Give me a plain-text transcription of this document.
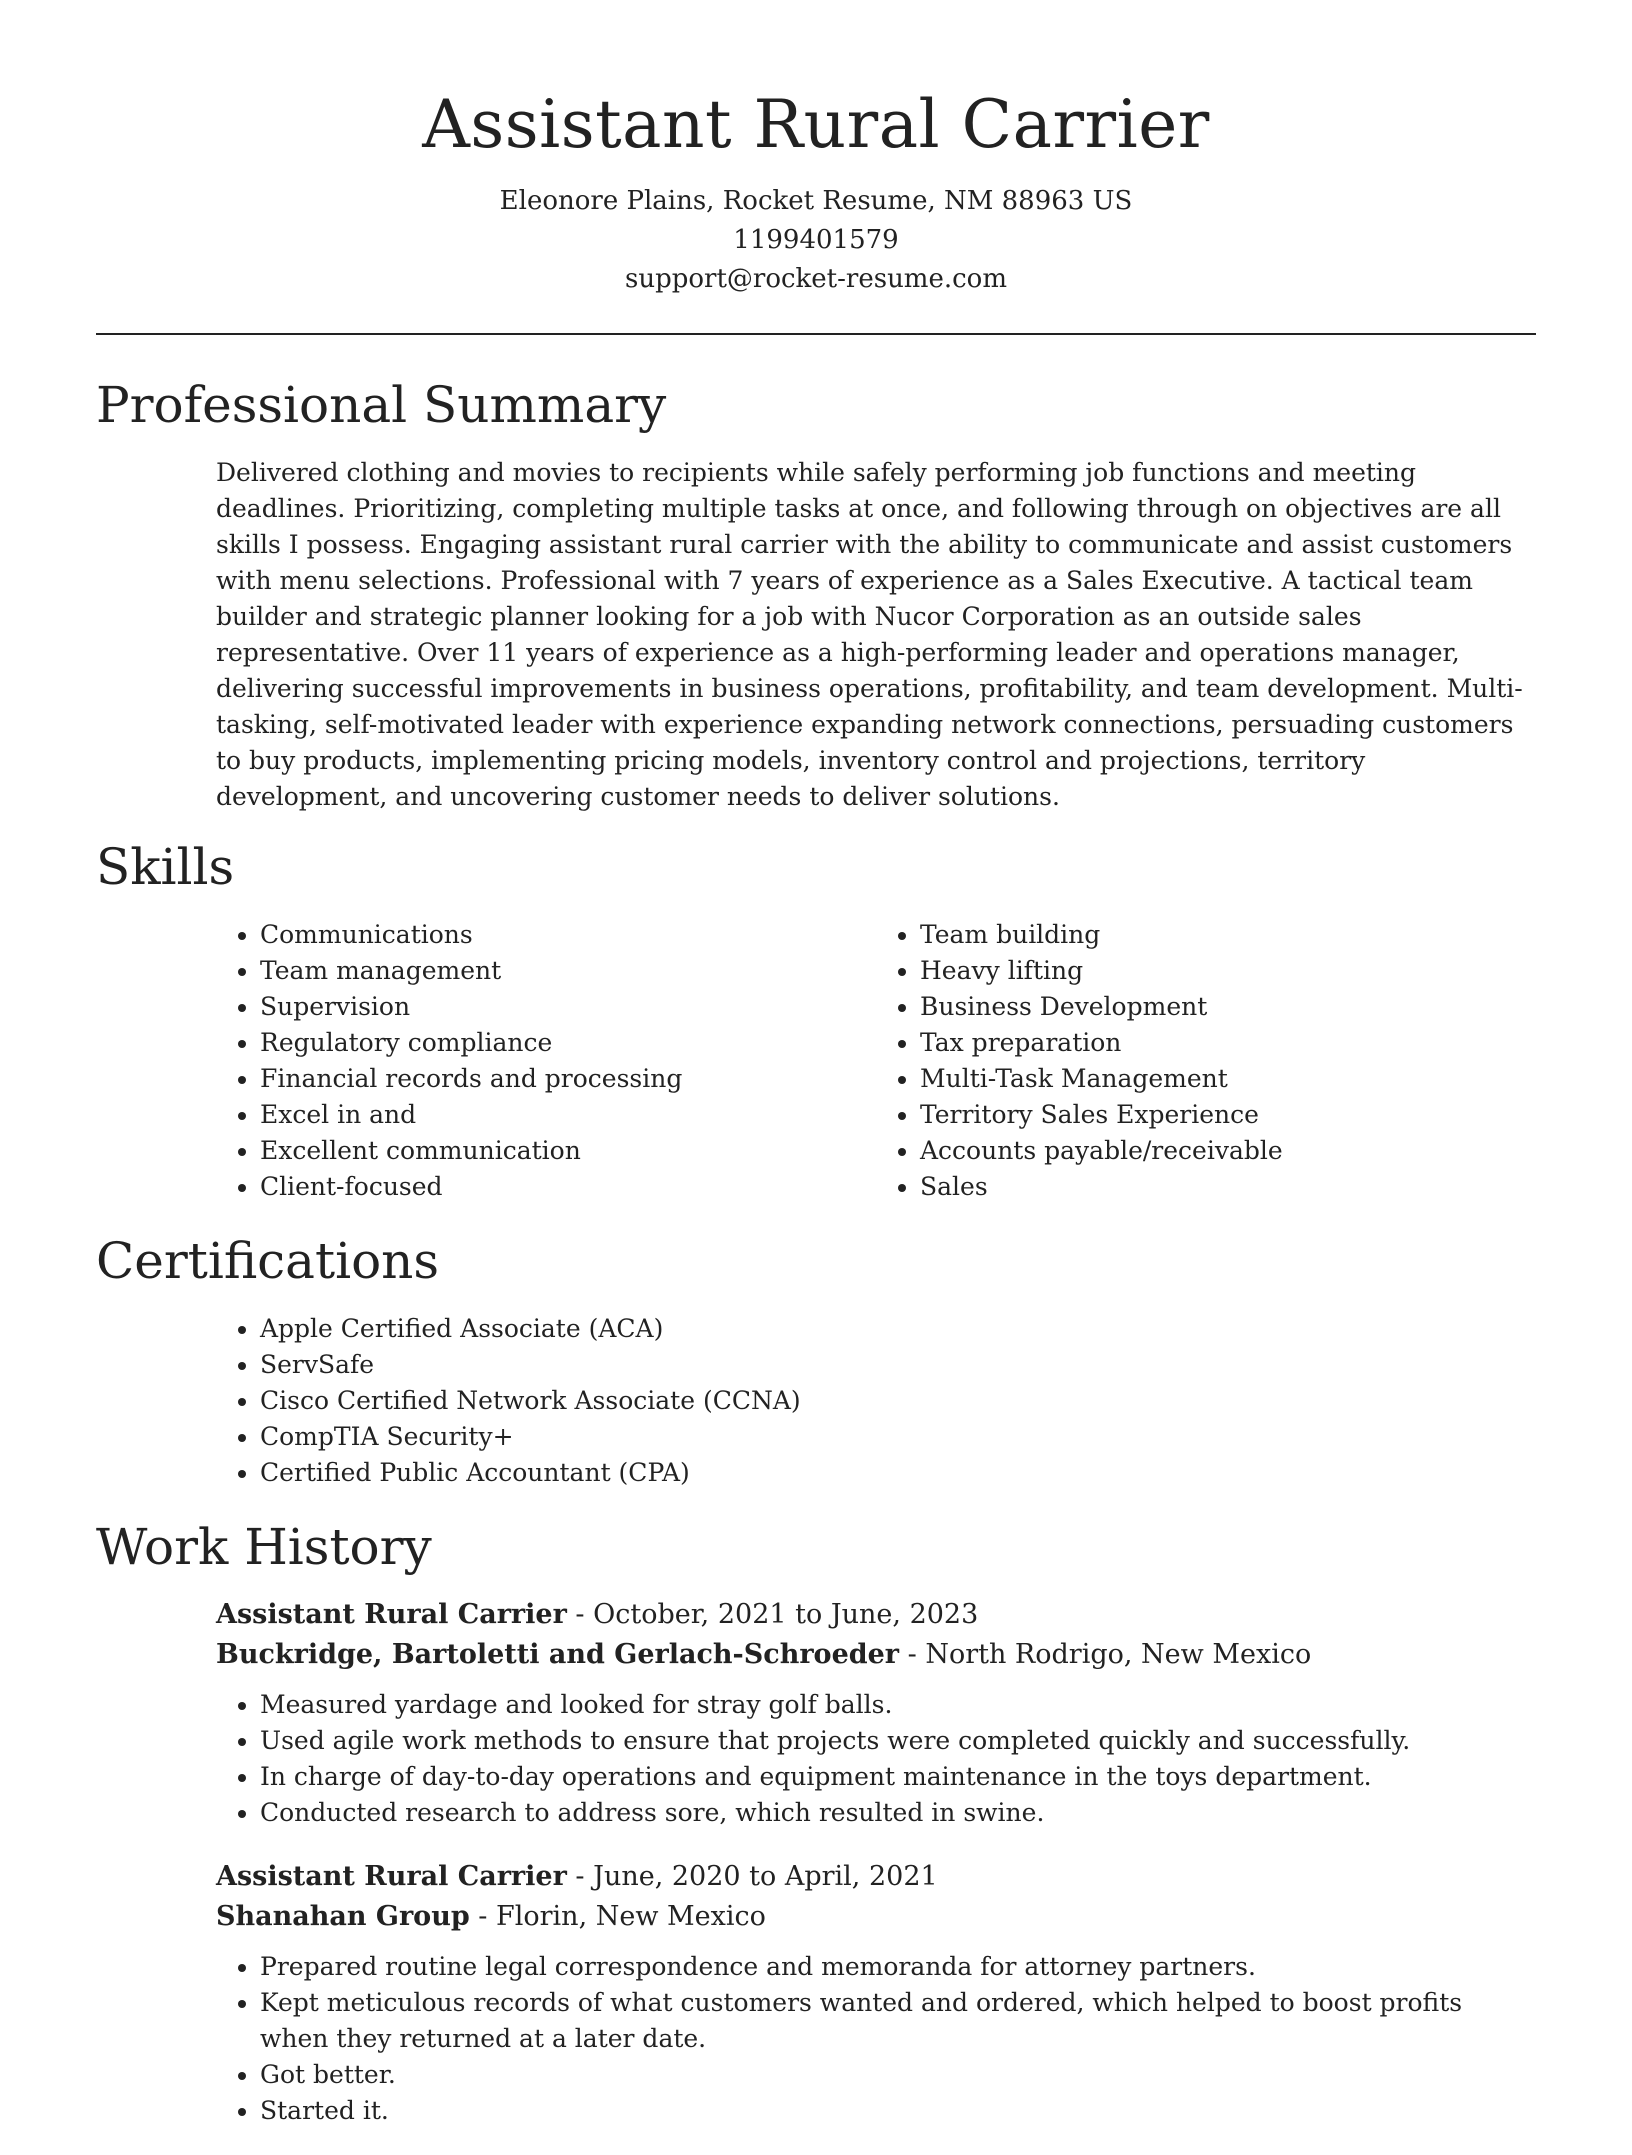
Assistant Rural Carrier
Eleonore Plains, Rocket Resume, NM 88963 US
1199401579
support@rocket-resume.com
Professional Summary
Delivered clothing and movies to recipients while safely performing job functions and meeting deadlines. Prioritizing, completing multiple tasks at once, and following through on objectives are all skills I possess. Engaging assistant rural carrier with the ability to communicate and assist customers with menu selections. Professional with 7 years of experience as a Sales Executive. A tactical team builder and strategic planner looking for a job with Nucor Corporation as an outside sales representative. Over 11 years of experience as a high-performing leader and operations manager, delivering successful improvements in business operations, profitability, and team development. Multi-tasking, self-motivated leader with experience expanding network connections, persuading customers to buy products, implementing pricing models, inventory control and projections, territory development, and uncovering customer needs to deliver solutions.
Skills
• Communications
• Team management
• Supervision
• Regulatory compliance
• Financial records and processing
• Excel in and
• Excellent communication
• Client-focused
• Team building
• Heavy lifting
• Business Development
• Tax preparation
• Multi-Task Management
• Territory Sales Experience
• Accounts payable/receivable
• Sales
Certifications
• Apple Certified Associate (ACA)
• ServSafe
• Cisco Certified Network Associate (CCNA)
• CompTIA Security+
• Certified Public Accountant (CPA)
Work History
Assistant Rural Carrier - October, 2021 to June, 2023
Buckridge, Bartoletti and Gerlach-Schroeder - North Rodrigo, New Mexico
• Measured yardage and looked for stray golf balls.
• Used agile work methods to ensure that projects were completed quickly and successfully.
• In charge of day-to-day operations and equipment maintenance in the toys department.
• Conducted research to address sore, which resulted in swine.
Assistant Rural Carrier - June, 2020 to April, 2021
Shanahan Group - Florin, New Mexico
• Prepared routine legal correspondence and memoranda for attorney partners.
• Kept meticulous records of what customers wanted and ordered, which helped to boost profits when they returned at a later date.
• Got better.
• Started it.
